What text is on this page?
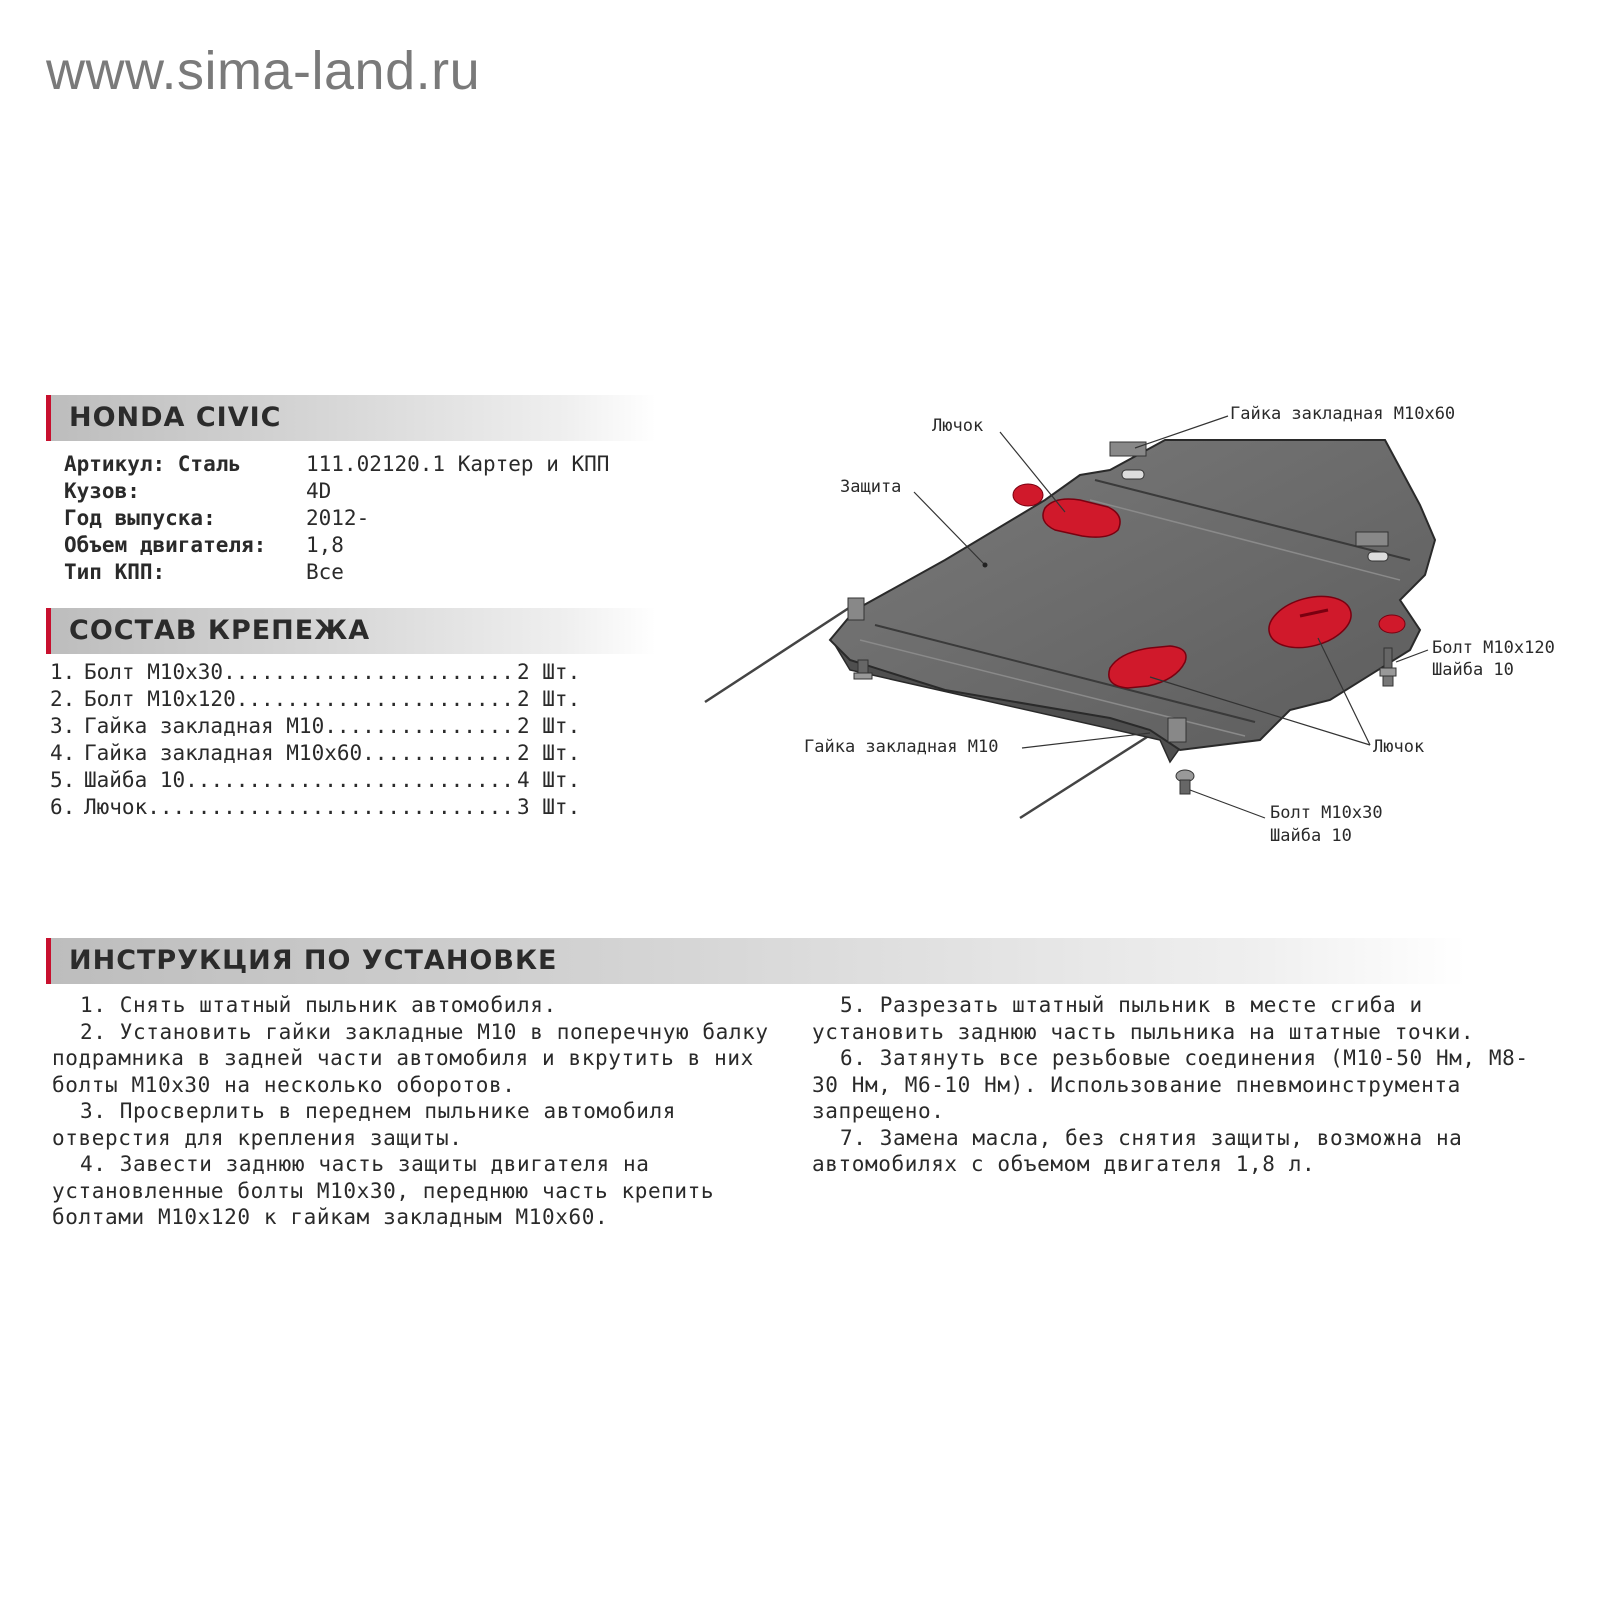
www.sima-land.ru
HONDA CIVIC
Артикул: Сталь	111.02120.1 Картер и КПП
Кузов:	4D
Год выпуска:	2012-
Объем двигателя: 1,8
Тип КПП:	Все
СОСТАВ КРЕПЕЖА
1. Болт М10х30 .....	2 Шт.
2. Болт М10х120 .....	2 Шт.
3. Гайка закладная М10 .....	2 Шт.
4. Гайка закладная М10х60 .....	2 Шт.
5. Шайба 10 .....	4 Шт.
6. Лючок .....	3 Шт.
Лючок
Защита
Гайка закладная М10х60
Болт М10х120
Шайба 10
Гайка закладная М10	Лючок
Болт М10х30
Шайба 10
ИНСТРУКЦИЯ ПО УСТАНОВКЕ

1. Снять штатный пыльник автомобиля.

2. Установить гайки закладные М10 в поперечную балку подрамника в задней части автомобиля и вкрутить в них болты М10х30 на несколько оборотов.

3. Просверлить в переднем пыльнике автомобиля отверстия для крепления защиты.

4. Завести заднюю часть защиты двигателя на установленные болты М10х30, переднюю часть крепить болтами М10х120 к гайкам закладным М10х60.

5. Разрезать штатный пыльник в месте сгиба и установить заднюю часть пыльника на штатные точки.

6. Затянуть все резьбовые соединения (М10-50 Нм, М8-30 Нм, М6-10 Нм). Использование пневмоинструмента запрещено.

7. Замена масла, без снятия защиты, возможна на автомобилях с объемом двигателя 1,8 л.
